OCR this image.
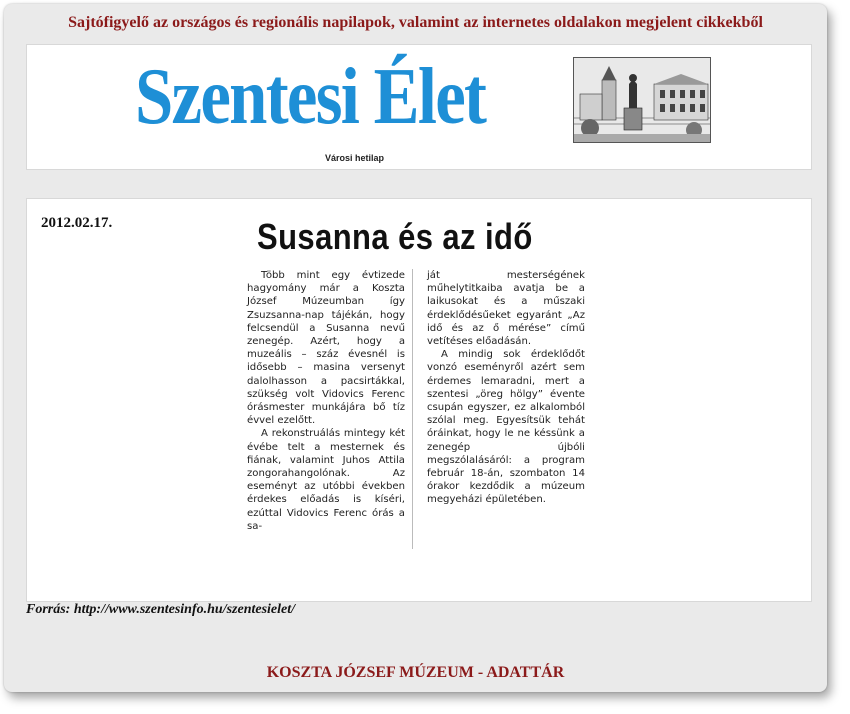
Sajtófigyelő az országos és regionális napilapok, valamint az internetes oldalakon megjelent cikkekből
Szentesi Élet
Városi hetilap
2012.02.17.	Susanna és az idő

Több mint egy évtizede hagyomány már a Koszta József Múzeumban így Zsuzsanna-nap tájékán, hogy felcsendül a Susanna nevű zenegép. Azért, hogy a muzeális – száz évesnél is idősebb – masina versenyt dalolhasson a pacsirtákkal, szükség volt Vidovics Ferenc órásmester munkájára bő tíz évvel ezelőtt.

A rekonstruálás mintegy két évébe telt a mesternek és fiának, valamint Juhos Attila zongorahangolónak. Az eseményt az utóbbi években érdekes előadás is kíséri, ezúttal Vidovics Ferenc órás a sa-

ját mesterségének műhelytitkaiba avatja be a laikusokat és a műszaki érdeklődésűeket egyaránt „Az idő és az ő mérése” című vetítéses előadásán.

A mindig sok érdeklődőt vonzó eseményről azért sem érdemes lemaradni, mert a szentesi „öreg hölgy” évente csupán egyszer, ez alkalomból szólal meg. Egyesítsük tehát óráinkat, hogy le ne késsünk a zenegép újbóli megszólalásáról: a program február 18-án, szombaton 14 órakor kezdődik a múzeum megyeházi épületében.

Forrás: http://www.szentesinfo.hu/szentesielet/
KOSZTA JÓZSEF MÚZEUM - ADATTÁR
